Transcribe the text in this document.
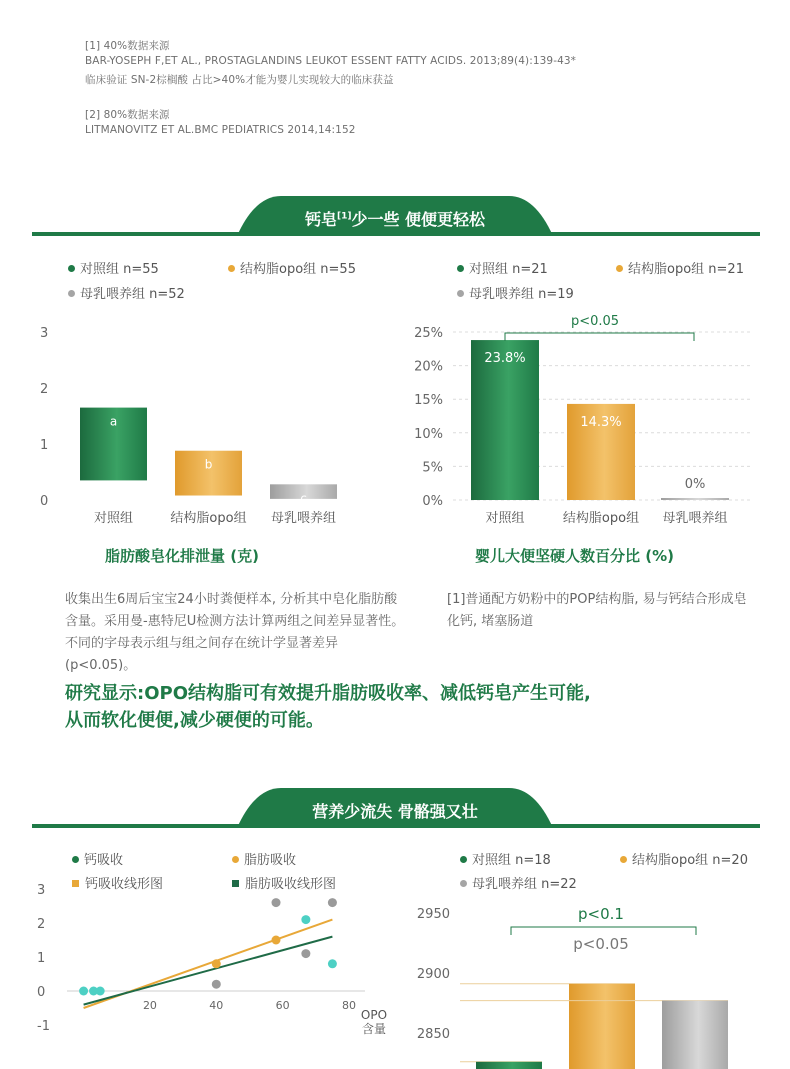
[1] 40%数据来源
BAR-YOSEPH F,ET AL., PROSTAGLANDINS LEUKOT ESSENT FATTY ACIDS. 2013;89(4):139-43*
临床验证 SN-2棕榈酸 占比>40%才能为婴儿实现较大的临床获益
[2] 80%数据来源
LITMANOVITZ ET AL.BMC PEDIATRICS 2014,14:152
钙皂[1]少一些 便便更轻松
对照组 n=55	结构脂opo组 n=55
母乳喂养组 n=52
对照组 n=21	结构脂opo组 n=21
母乳喂养组 n=19
0
1
2
3
a
对照组
b
结构脂opo组
c
母乳喂养组
0%
5%
10%
15%
20%
25%
23.8%
对照组
14.3%
结构脂opo组
0%
母乳喂养组
p<0.05
脂肪酸皂化排泄量 (克)	婴儿大便坚硬人数百分比 (%)
收集出生6周后宝宝24小时粪便样本, 分析其中皂化脂肪酸含量。采用曼-惠特尼U检测方法计算两组之间差异显著性。不同的字母表示组与组之间存在统计学显著差异 (p<0.05)。
[1]普通配方奶粉中的POP结构脂, 易与钙结合形成皂化钙, 堵塞肠道
研究显示:OPO结构脂可有效提升脂肪吸收率、减低钙皂产生可能,
从而软化便便,减少硬便的可能。
营养少流失 骨骼强又壮
钙吸收	脂肪吸收
钙吸收线形图	脂肪吸收线形图
对照组 n=18	结构脂opo组 n=20
母乳喂养组 n=22
-1
0
1
2
3
20	40	60	80
OPO
含量 2850
2900
2950	p<0.1
p<0.05
